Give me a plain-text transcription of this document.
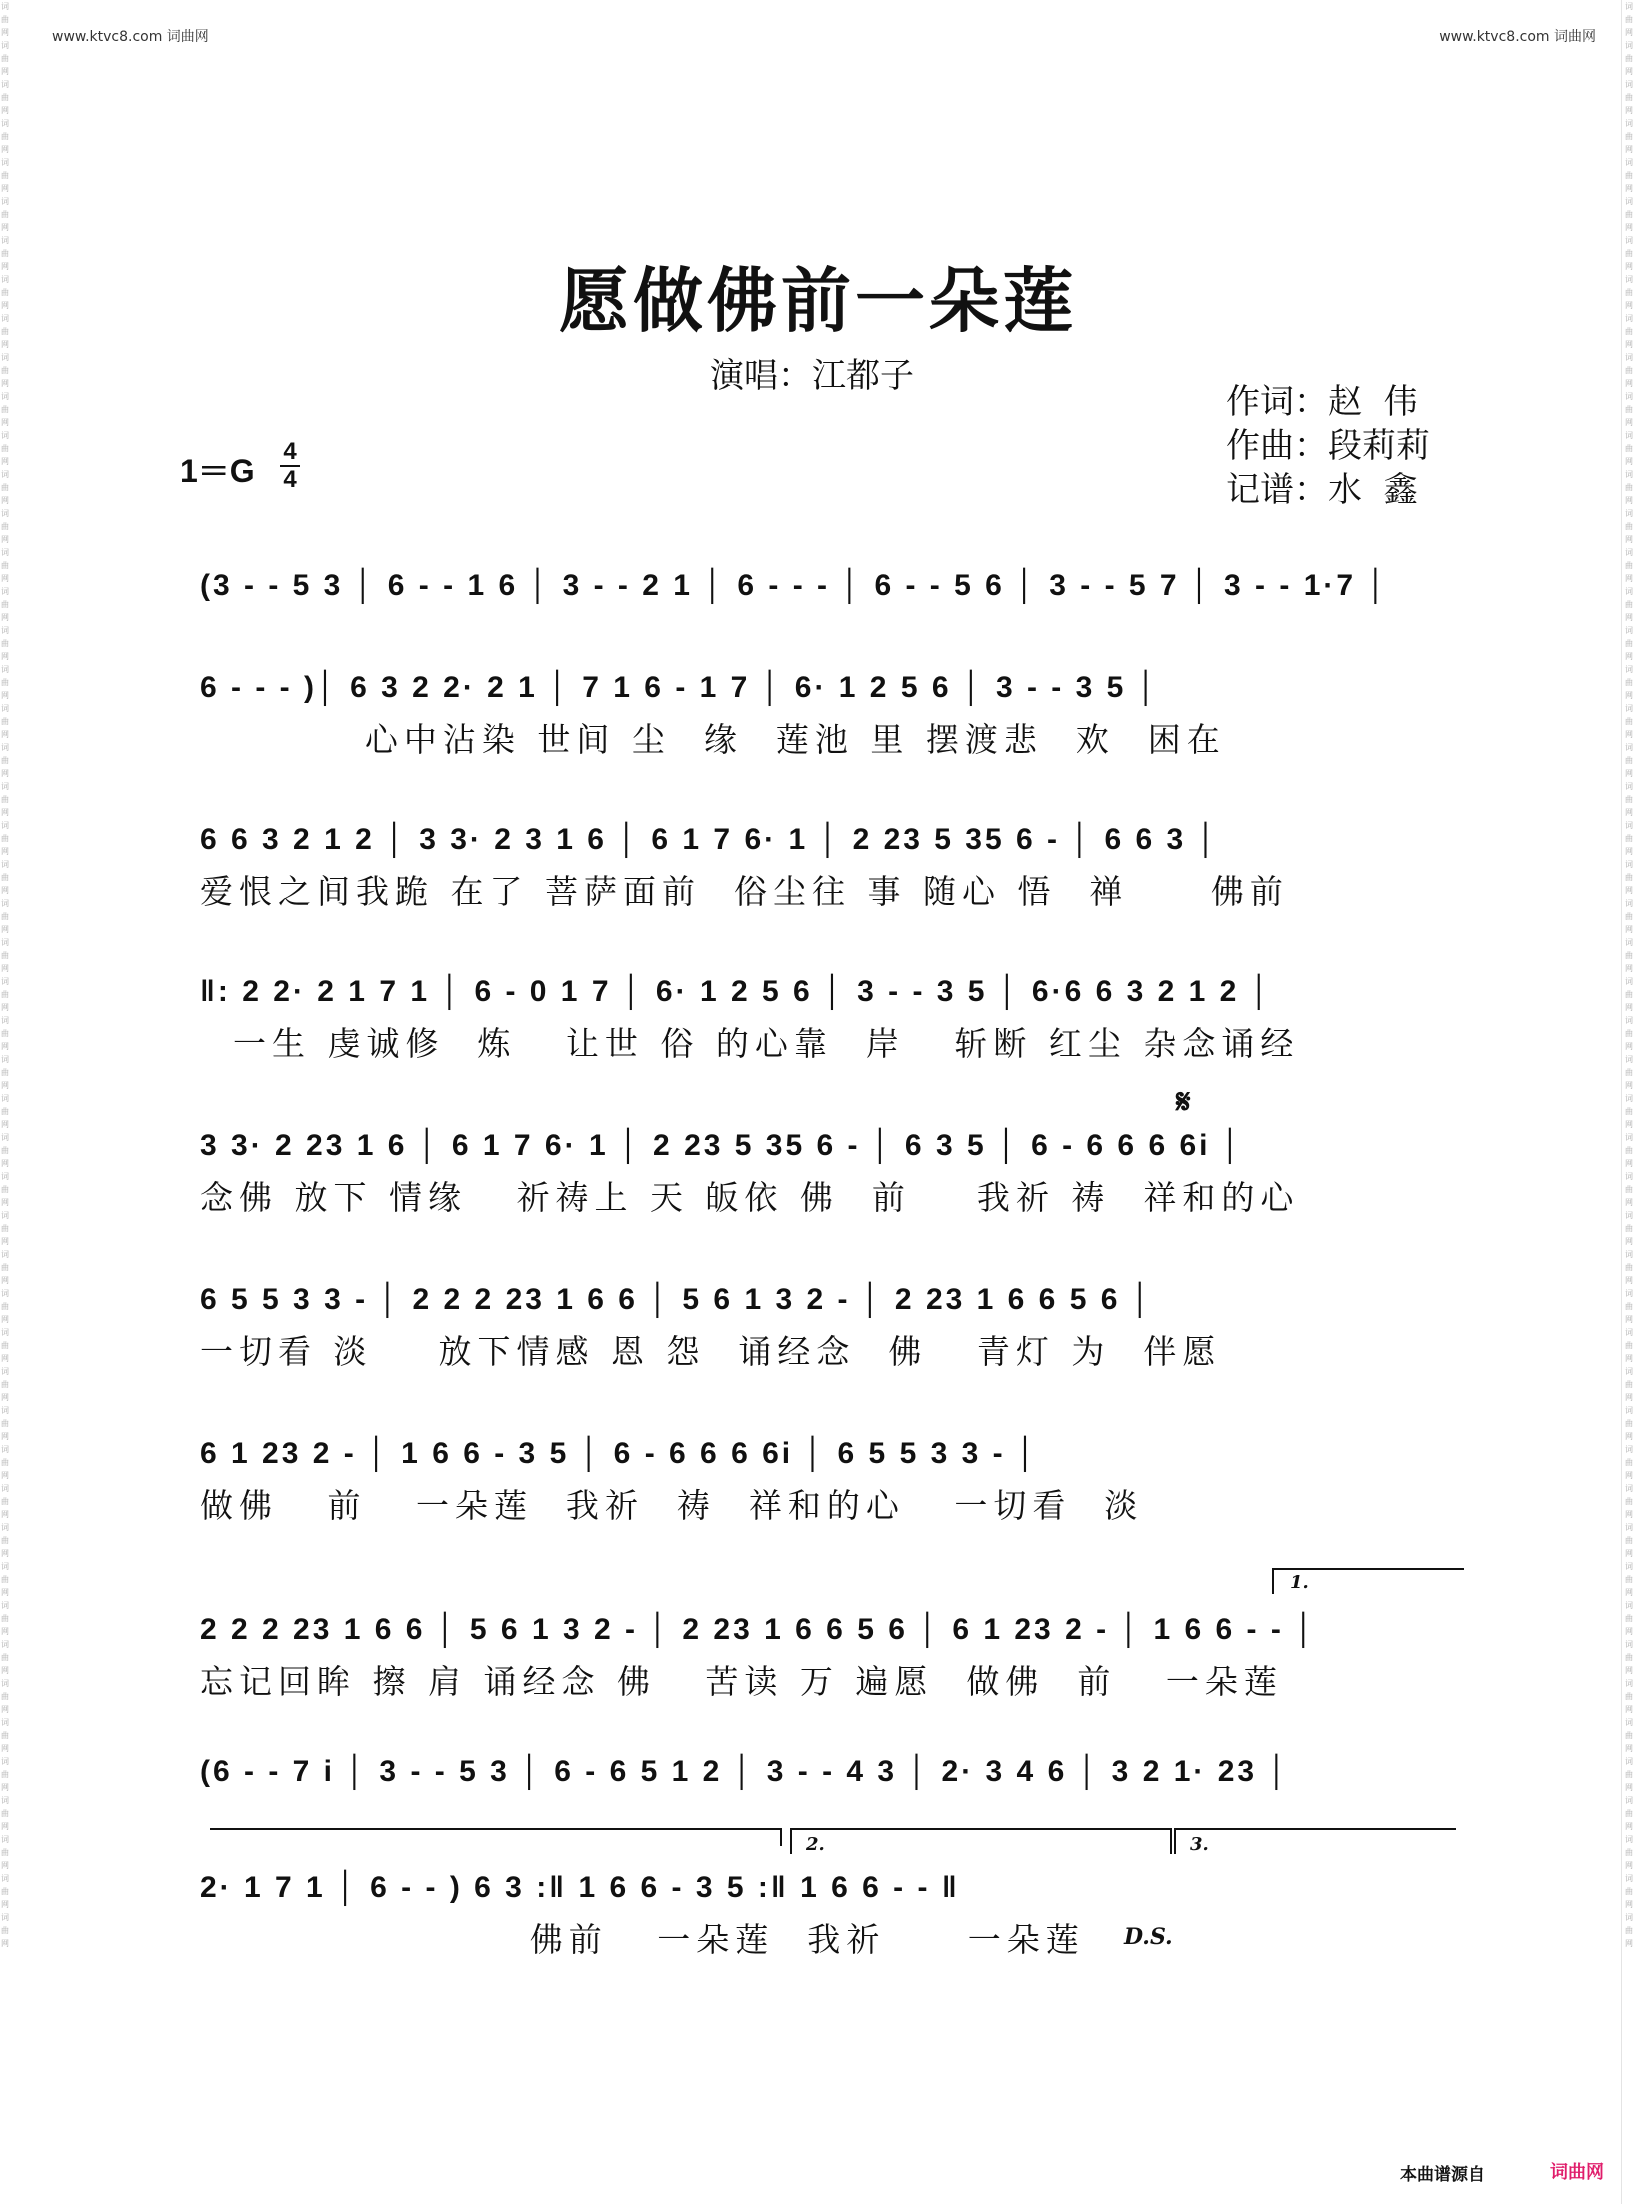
www.ktvc8.com 词曲网	www.ktvc8.com 词曲网
词曲网词曲网词曲网词曲网词曲网词曲网词曲网词曲网词曲网词曲网词曲网词曲网词曲网词曲网词曲网词曲网词曲网词曲网词曲网词曲网词曲网词曲网词曲网词曲网词曲网词曲网词曲网词曲网词曲网词曲网词曲网词曲网词曲网词曲网词曲网词曲网词曲网词曲网词曲网词曲网词曲网词曲网词曲网词曲网词曲网词曲网词曲网词曲网词曲网词曲网
词曲网词曲网词曲网词曲网词曲网词曲网词曲网词曲网词曲网词曲网词曲网词曲网词曲网词曲网词曲网词曲网词曲网词曲网词曲网词曲网词曲网词曲网词曲网词曲网词曲网词曲网词曲网词曲网词曲网词曲网词曲网词曲网词曲网词曲网词曲网词曲网词曲网词曲网词曲网词曲网词曲网词曲网词曲网词曲网词曲网词曲网词曲网词曲网词曲网词曲网
愿做佛前一朵莲
演唱：江都子
作词：赵  伟
作曲：段莉莉
记谱：水  鑫
1＝G
4
4
(3 - - 5 3 │ 6 - - 1 6 │ 3 - - 2 1 │ 6 - - - │ 6 - - 5 6 │ 3 - - 5 7 │ 3 - - 1·7 │
6 - - - )│ 6 3 2 2· 2 1 │ 7 1 6 - 1 7 │ 6· 1 2 5 6 │ 3 - - 3 5 │
心中沾染 世间 尘  缘  莲池 里 摆渡悲  欢  困在
6 6 3 2 1 2 │ 3 3· 2 3 1 6 │ 6 1 7 6· 1 │ 2 23 5 35 6 - │ 6 6 3 │
爱恨之间我跪 在了 菩萨面前  俗尘往 事 随心 悟  禅     佛前
‖: 2 2· 2 1 7 1 │ 6 - 0 1 7 │ 6· 1 2 5 6 │ 3 - - 3 5 │ 6·6 6 3 2 1 2 │
一生 虔诚修  炼   让世 俗 的心靠  岸   斩断 红尘 杂念诵经
𝄋
3 3· 2 23 1 6 │ 6 1 7 6· 1 │ 2 23 5 35 6 - │ 6 3 5 │ 6 - 6 6 6 6i │
念佛 放下 情缘   祈祷上 天 皈依 佛  前    我祈 祷  祥和的心
6 5 5 3 3 - │ 2 2 2 23 1 6 6 │ 5 6 1 3 2 - │ 2 23 1 6 6 5 6 │
一切看 淡    放下情感 恩 怨  诵经念  佛   青灯 为  伴愿
6 1 23 2 - │ 1 6 6 - 3 5 │ 6 - 6 6 6 6i │ 6 5 5 3 3 - │
做佛   前   一朵莲  我祈  祷  祥和的心   一切看  淡
1.
2 2 2 23 1 6 6 │ 5 6 1 3 2 - │ 2 23 1 6 6 5 6 │ 6 1 23 2 - │ 1 6 6 - - │
忘记回眸 擦 肩 诵经念 佛   苦读 万 遍愿  做佛  前   一朵莲
(6 - - 7 i │ 3 - - 5 3 │ 6 - 6 5 1 2 │ 3 - - 4 3 │ 2· 3 4 6 │ 3 2 1· 23 │
2.	3.
2· 1 7 1 │ 6 - - ) 6 3 :‖ 1 6 6 - 3 5 :‖ 1 6 6 - - ‖
佛前   一朵莲  我祈     一朵莲	D.S.
本曲谱源自	词曲网
